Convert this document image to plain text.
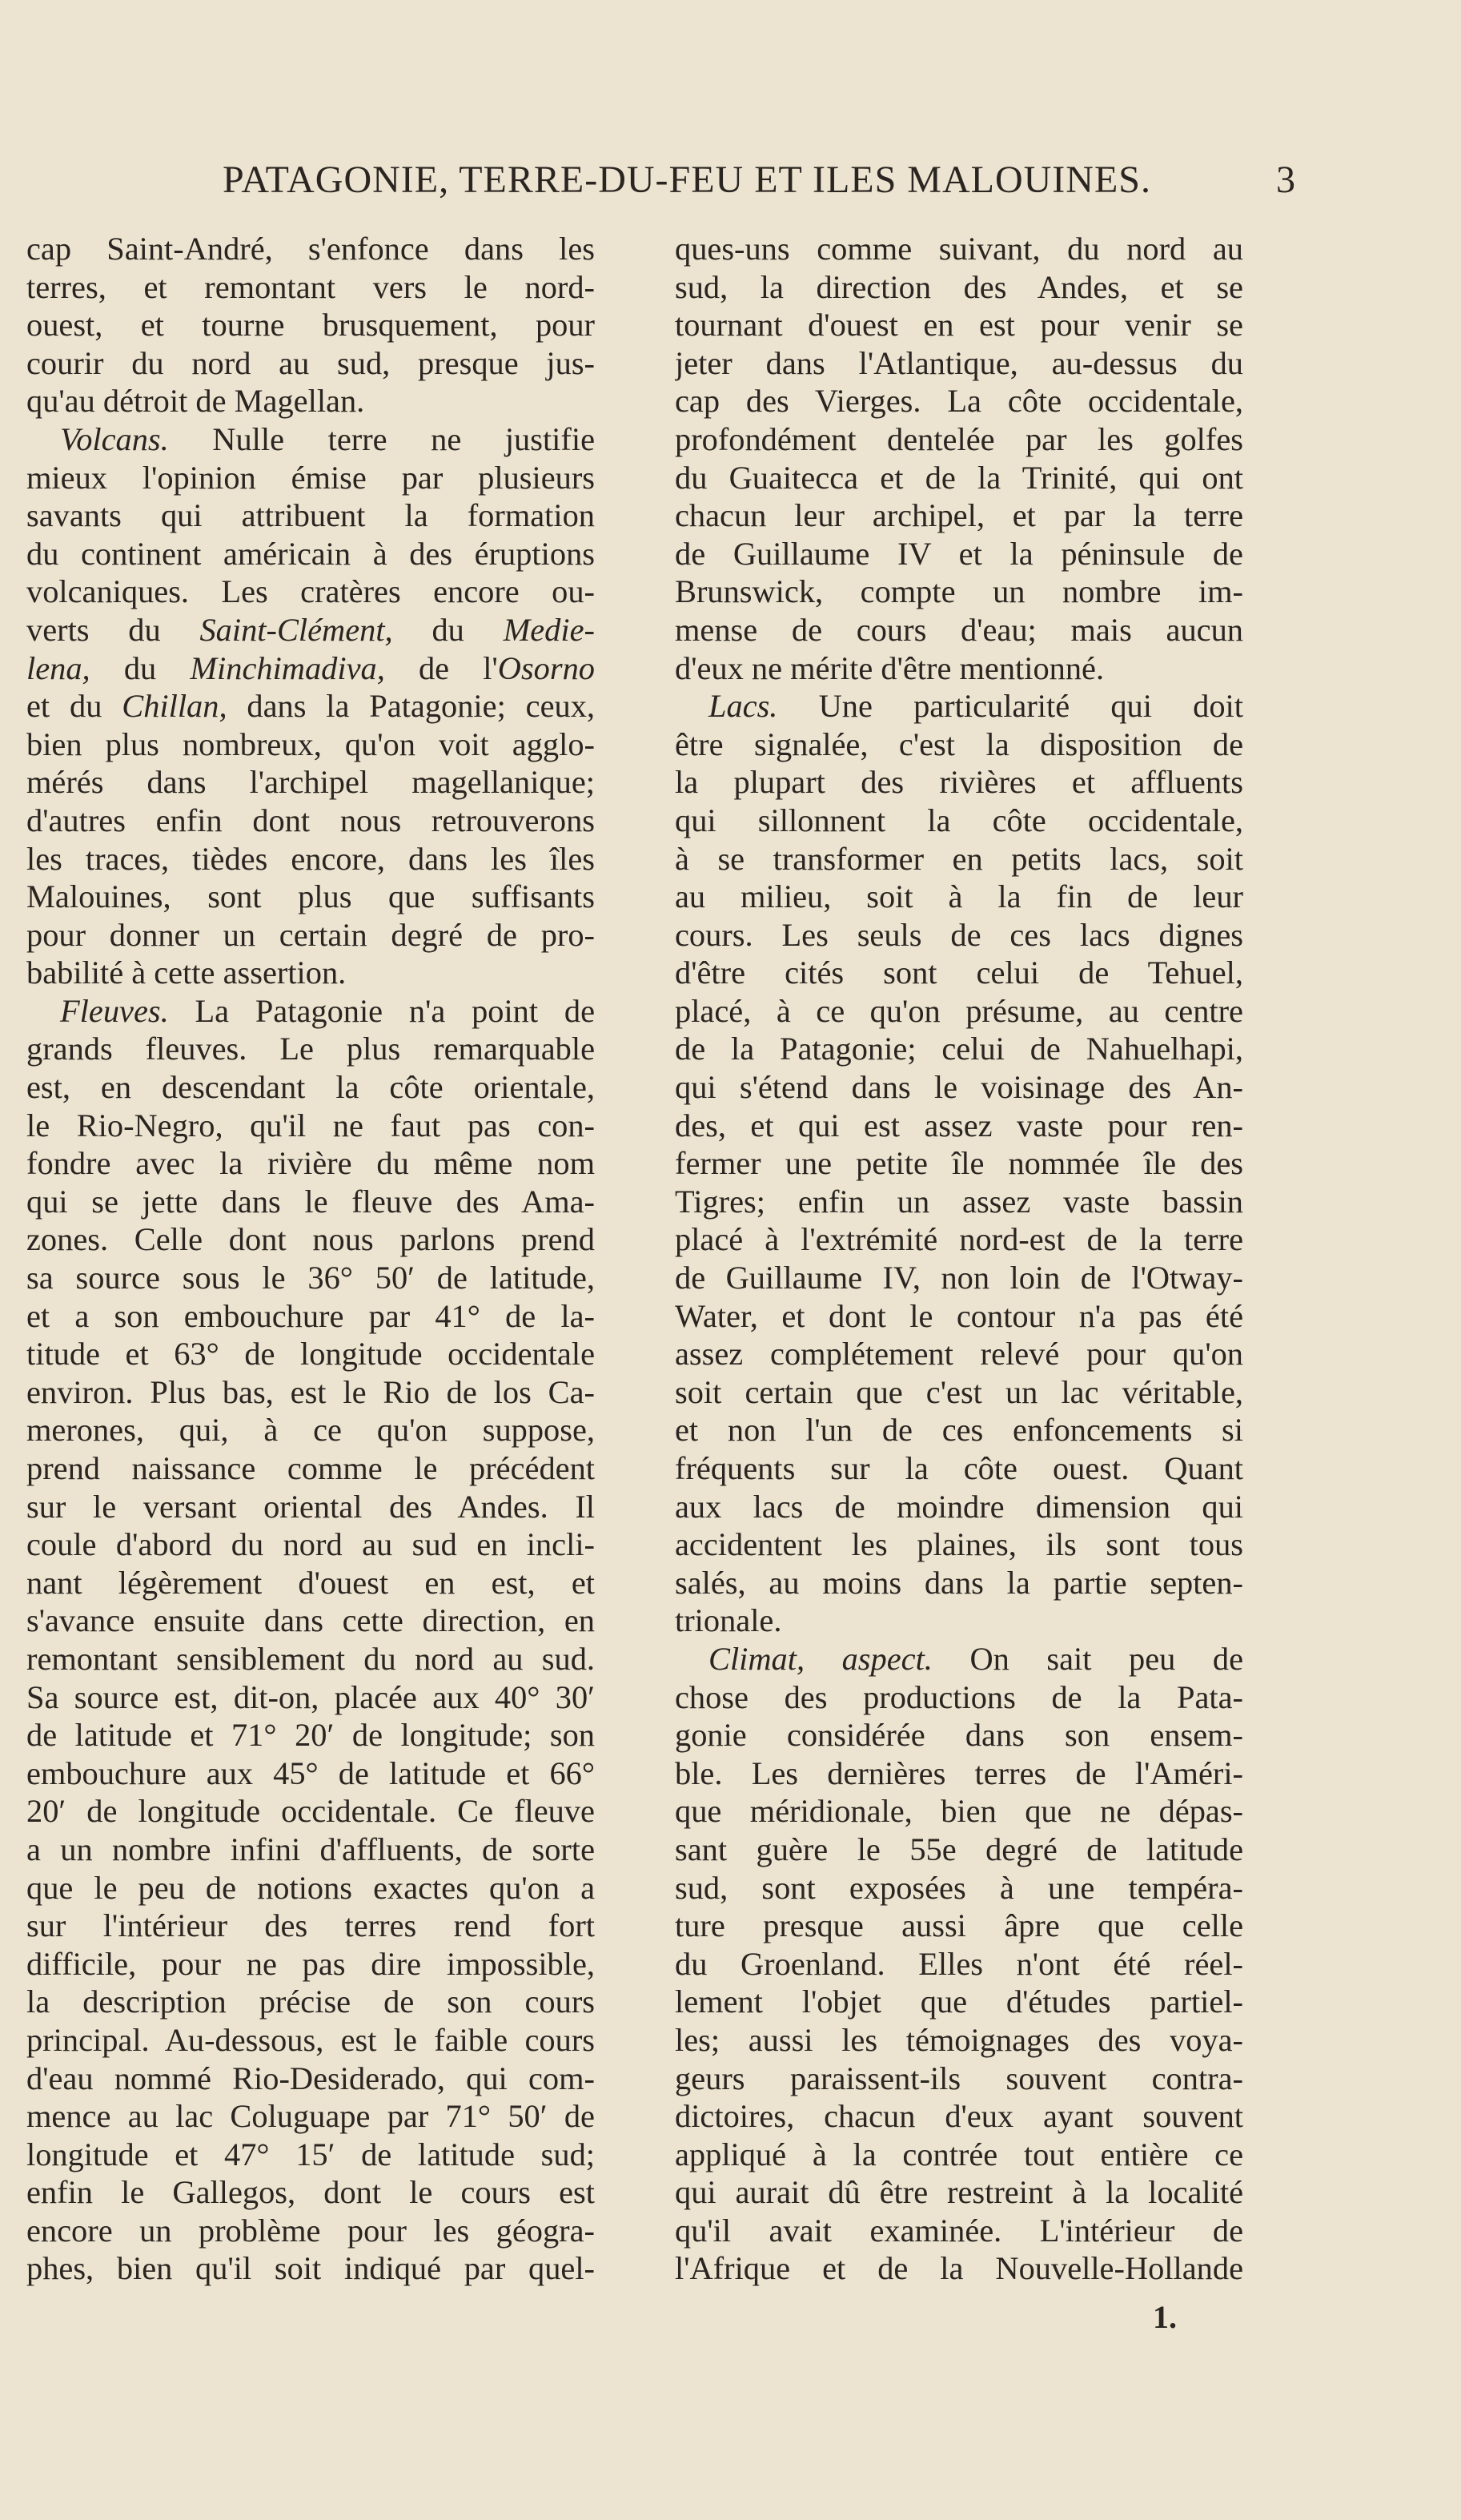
PATAGONIE, TERRE-DU-FEU ET ILES MALOUINES.	3
cap Saint-André, s'enfonce dans les
terres, et remontant vers le nord-
ouest, et tourne brusquement, pour
courir du nord au sud, presque jus-
qu'au détroit de Magellan.
Volcans. Nulle terre ne justifie
mieux l'opinion émise par plusieurs
savants qui attribuent la formation
du continent américain à des éruptions
volcaniques. Les cratères encore ou-
verts du Saint-Clément, du Medie-
lena, du Minchimadiva, de l'Osorno
et du Chillan, dans la Patagonie; ceux,
bien plus nombreux, qu'on voit agglo-
mérés dans l'archipel magellanique;
d'autres enfin dont nous retrouverons
les traces, tièdes encore, dans les îles
Malouines, sont plus que suffisants
pour donner un certain degré de pro-
babilité à cette assertion.
Fleuves. La Patagonie n'a point de
grands fleuves. Le plus remarquable
est, en descendant la côte orientale,
le Rio-Negro, qu'il ne faut pas con-
fondre avec la rivière du même nom
qui se jette dans le fleuve des Ama-
zones. Celle dont nous parlons prend
sa source sous le 36° 50′ de latitude,
et a son embouchure par 41° de la-
titude et 63° de longitude occidentale
environ. Plus bas, est le Rio de los Ca-
merones, qui, à ce qu'on suppose,
prend naissance comme le précédent
sur le versant oriental des Andes. Il
coule d'abord du nord au sud en incli-
nant légèrement d'ouest en est, et
s'avance ensuite dans cette direction, en
remontant sensiblement du nord au sud.
Sa source est, dit-on, placée aux 40° 30′
de latitude et 71° 20′ de longitude; son
embouchure aux 45° de latitude et 66°
20′ de longitude occidentale. Ce fleuve
a un nombre infini d'affluents, de sorte
que le peu de notions exactes qu'on a
sur l'intérieur des terres rend fort
difficile, pour ne pas dire impossible,
la description précise de son cours
principal. Au-dessous, est le faible cours
d'eau nommé Rio-Desiderado, qui com-
mence au lac Coluguape par 71° 50′ de
longitude et 47° 15′ de latitude sud;
enfin le Gallegos, dont le cours est
encore un problème pour les géogra-
phes, bien qu'il soit indiqué par quel-
ques-uns comme suivant, du nord au
sud, la direction des Andes, et se
tournant d'ouest en est pour venir se
jeter dans l'Atlantique, au-dessus du
cap des Vierges. La côte occidentale,
profondément dentelée par les golfes
du Guaitecca et de la Trinité, qui ont
chacun leur archipel, et par la terre
de Guillaume IV et la péninsule de
Brunswick, compte un nombre im-
mense de cours d'eau; mais aucun
d'eux ne mérite d'être mentionné.
Lacs. Une particularité qui doit
être signalée, c'est la disposition de
la plupart des rivières et affluents
qui sillonnent la côte occidentale,
à se transformer en petits lacs, soit
au milieu, soit à la fin de leur
cours. Les seuls de ces lacs dignes
d'être cités sont celui de Tehuel,
placé, à ce qu'on présume, au centre
de la Patagonie; celui de Nahuelhapi,
qui s'étend dans le voisinage des An-
des, et qui est assez vaste pour ren-
fermer une petite île nommée île des
Tigres; enfin un assez vaste bassin
placé à l'extrémité nord-est de la terre
de Guillaume IV, non loin de l'Otway-
Water, et dont le contour n'a pas été
assez complétement relevé pour qu'on
soit certain que c'est un lac véritable,
et non l'un de ces enfoncements si
fréquents sur la côte ouest. Quant
aux lacs de moindre dimension qui
accidentent les plaines, ils sont tous
salés, au moins dans la partie septen-
trionale.
Climat, aspect. On sait peu de
chose des productions de la Pata-
gonie considérée dans son ensem-
ble. Les dernières terres de l'Améri-
que méridionale, bien que ne dépas-
sant guère le 55e degré de latitude
sud, sont exposées à une tempéra-
ture presque aussi âpre que celle
du Groenland. Elles n'ont été réel-
lement l'objet que d'études partiel-
les; aussi les témoignages des voya-
geurs paraissent-ils souvent contra-
dictoires, chacun d'eux ayant souvent
appliqué à la contrée tout entière ce
qui aurait dû être restreint à la localité
qu'il avait examinée. L'intérieur de
l'Afrique et de la Nouvelle-Hollande
1.
